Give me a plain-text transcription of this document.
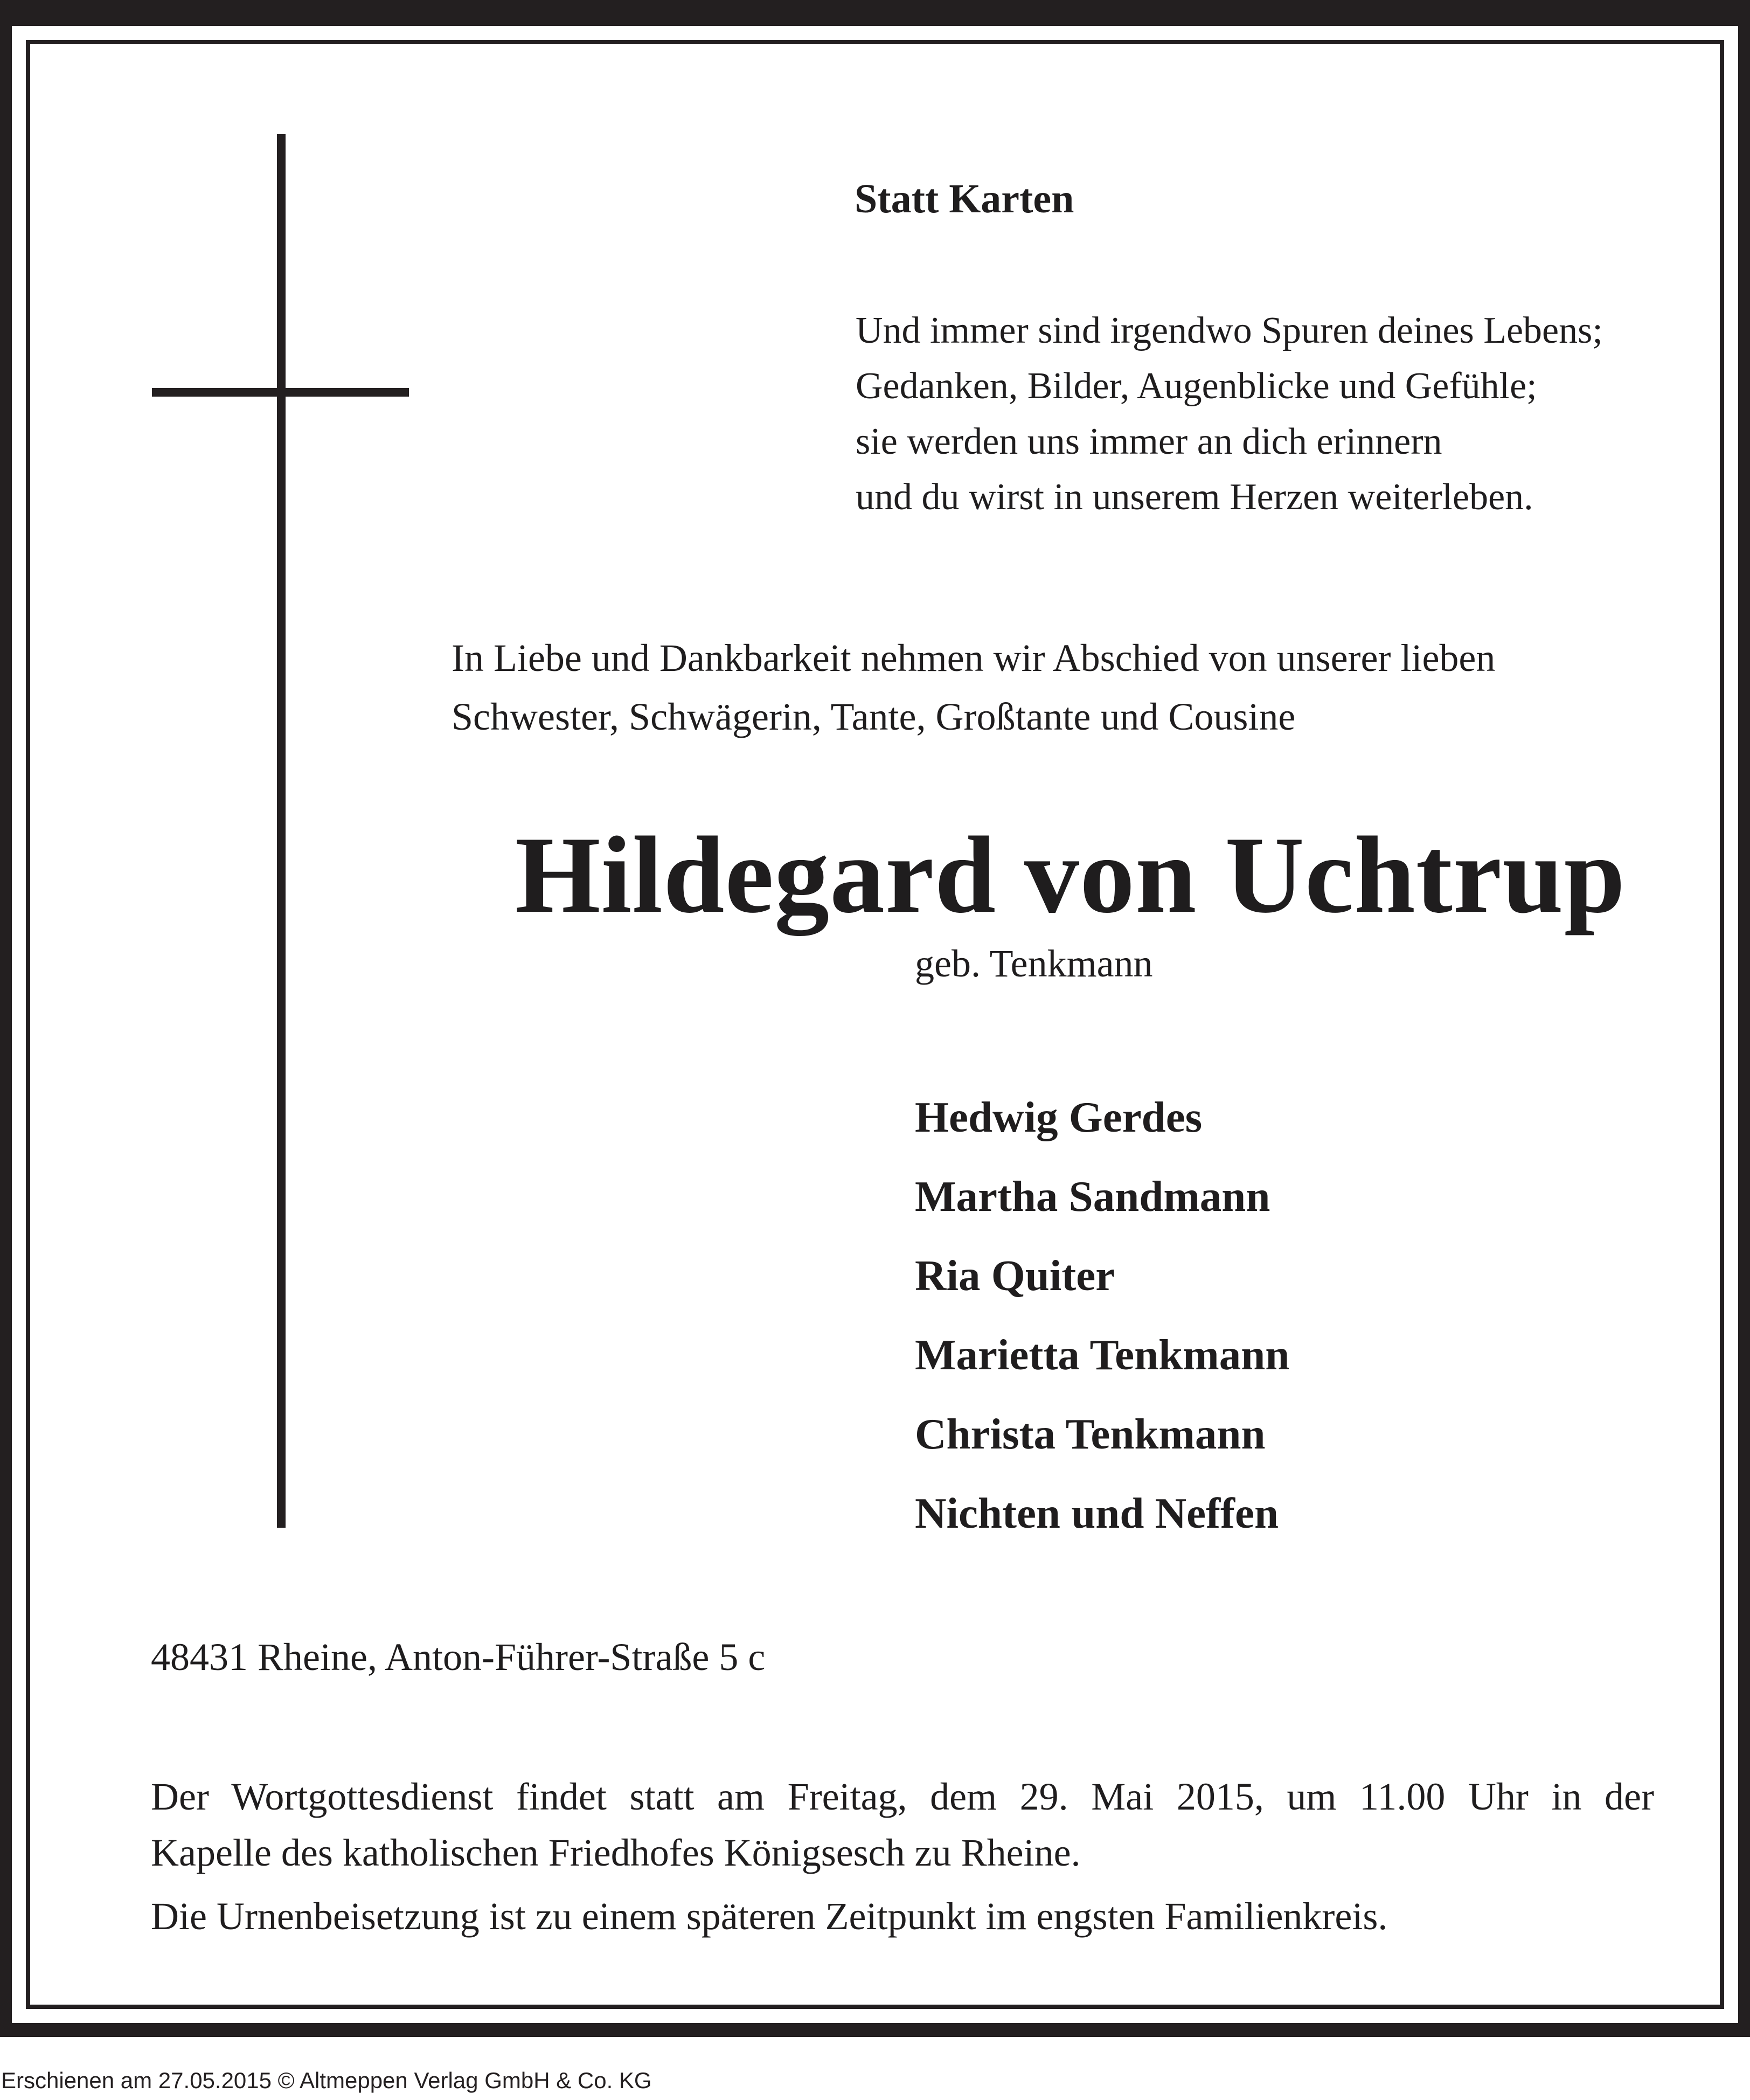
Statt Karten

Und immer sind irgendwo Spuren deines Lebens;
Gedanken, Bilder, Augenblicke und Gefühle;
sie werden uns immer an dich erinnern
und du wirst in unserem Herzen weiterleben.
In Liebe und Dankbarkeit nehmen wir Abschied von unserer lieben
Schwester, Schwägerin, Tante, Großtante und Cousine

Hildegard von Uchtrup

geb. Tenkmann

Hedwig Gerdes
Martha Sandmann
Ria Quiter
Marietta Tenkmann
Christa Tenkmann
Nichten und Neffen

48431 Rheine, Anton-Führer-Straße 5 c

Der Wortgottesdienst findet statt am Freitag, dem 29. Mai 2015, um 11.00 Uhr in der
Kapelle des katholischen Friedhofes Königsesch zu Rheine.

Die Urnenbeisetzung ist zu einem späteren Zeitpunkt im engsten Familienkreis.

Erschienen am 27.05.2015 © Altmeppen Verlag GmbH & Co. KG
